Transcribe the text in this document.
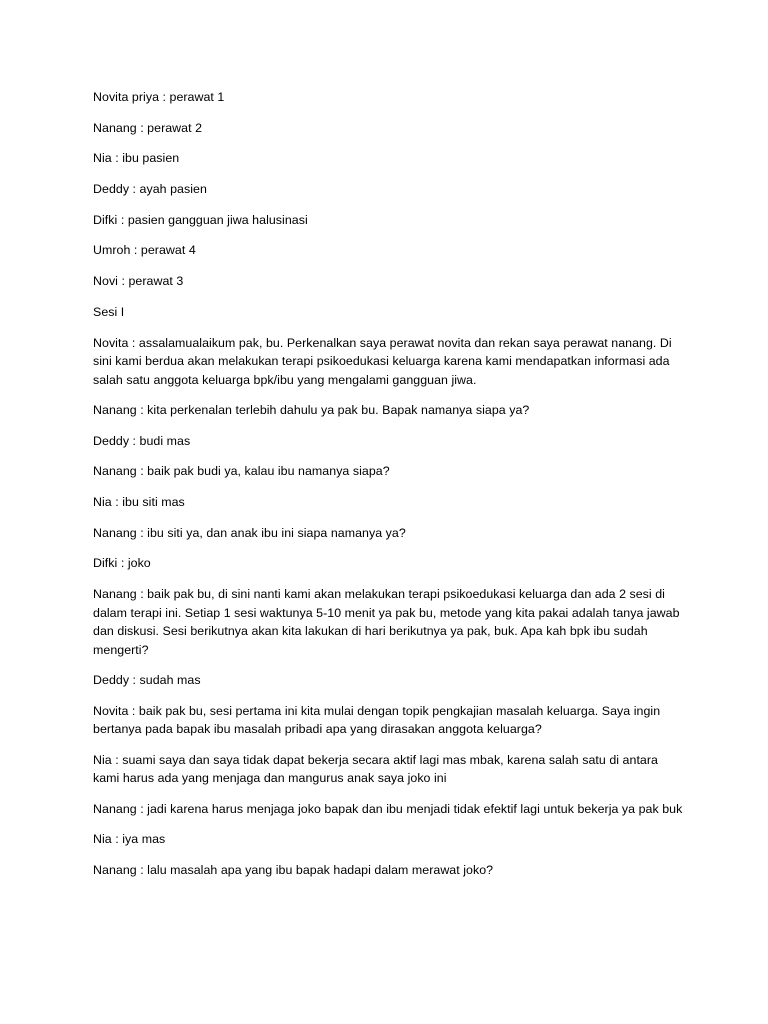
Novita priya : perawat 1

Nanang : perawat 2

Nia : ibu pasien

Deddy : ayah pasien

Difki : pasien gangguan jiwa halusinasi

Umroh : perawat 4

Novi : perawat 3

Sesi I

Novita : assalamualaikum pak, bu. Perkenalkan saya perawat novita dan rekan saya perawat nanang. Di sini kami berdua akan melakukan terapi psikoedukasi keluarga karena kami mendapatkan informasi ada salah satu anggota keluarga bpk/ibu yang mengalami gangguan jiwa.

Nanang : kita perkenalan terlebih dahulu ya pak bu. Bapak namanya siapa ya?

Deddy : budi mas

Nanang : baik pak budi ya, kalau ibu namanya siapa?

Nia : ibu siti mas

Nanang : ibu siti ya, dan anak ibu ini siapa namanya ya?

Difki : joko

Nanang : baik pak bu, di sini nanti kami akan melakukan terapi psikoedukasi keluarga dan ada 2 sesi di dalam terapi ini. Setiap 1 sesi waktunya 5-10 menit ya pak bu, metode yang kita pakai adalah tanya jawab dan diskusi. Sesi berikutnya akan kita lakukan di hari berikutnya ya pak, buk. Apa kah bpk ibu sudah mengerti?

Deddy : sudah mas

Novita : baik pak bu, sesi pertama ini kita mulai dengan topik pengkajian masalah keluarga. Saya ingin bertanya pada bapak ibu masalah pribadi apa yang dirasakan anggota keluarga?

Nia : suami saya dan saya tidak dapat bekerja secara aktif lagi mas mbak, karena salah satu di antara kami harus ada yang menjaga dan mangurus anak saya joko ini

Nanang : jadi karena harus menjaga joko bapak dan ibu menjadi tidak efektif lagi untuk bekerja ya pak buk

Nia : iya mas

Nanang : lalu masalah apa yang ibu bapak hadapi dalam merawat joko?
